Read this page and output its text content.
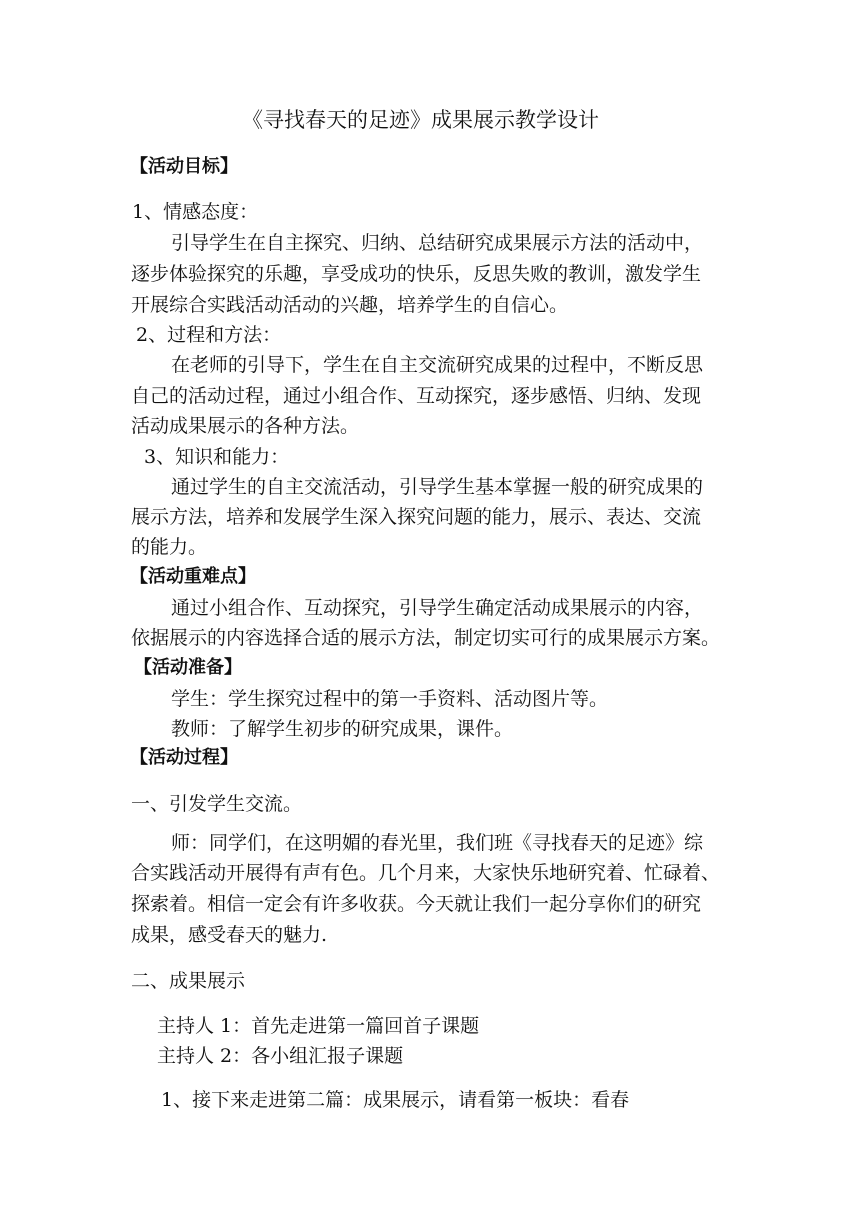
《寻找春天的足迹》成果展示教学设计
【活动目标】
1、情感态度：
引导学生在自主探究、归纳、总结研究成果展示方法的活动中，
逐步体验探究的乐趣，享受成功的快乐，反思失败的教训，激发学生
开展综合实践活动活动的兴趣，培养学生的自信心。
2、过程和方法：
在老师的引导下，学生在自主交流研究成果的过程中，不断反思
自己的活动过程，通过小组合作、互动探究，逐步感悟、归纳、发现
活动成果展示的各种方法。
3、知识和能力：
通过学生的自主交流活动，引导学生基本掌握一般的研究成果的
展示方法，培养和发展学生深入探究问题的能力，展示、表达、交流
的能力。
【活动重难点】
通过小组合作、互动探究，引导学生确定活动成果展示的内容，
依据展示的内容选择合适的展示方法，制定切实可行的成果展示方案。
【活动准备】
学生：学生探究过程中的第一手资料、活动图片等。
教师：了解学生初步的研究成果，课件。
【活动过程】
一、引发学生交流。
师：同学们，在这明媚的春光里，我们班《寻找春天的足迹》综
合实践活动开展得有声有色。几个月来，大家快乐地研究着、忙碌着、
探索着。相信一定会有许多收获。今天就让我们一起分享你们的研究
成果，感受春天的魅力.
二、成果展示
主持人 1：首先走进第一篇回首子课题
主持人 2：各小组汇报子课题
1、接下来走进第二篇：成果展示，请看第一板块：看春
